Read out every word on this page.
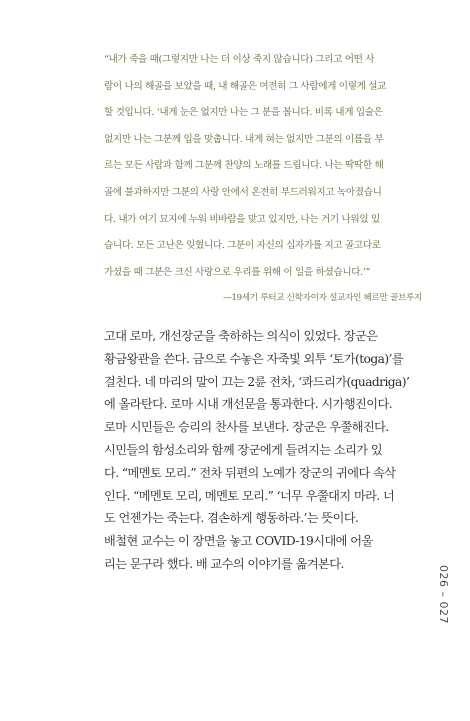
“내가 죽을 때(그렇지만 나는 더 이상 죽지 않습니다) 그리고 어떤 사
람이 나의 해골을 보았을 때, 내 해골은 여전히 그 사람에게 이렇게 설교
할 것입니다. ‘내게 눈은 없지만 나는 그 분을 봅니다. 비록 내게 입술은
없지만 나는 그분께 입을 맞춥니다. 내게 혀는 없지만 그분의 이름을 부
르는 모든 사람과 함께 그분께 찬양의 노래를 드립니다. 나는 딱딱한 해
골에 불과하지만 그분의 사랑 안에서 온전히 부드러워지고 녹아졌습니
다. 내가 여기 묘지에 누워 비바람을 맞고 있지만, 나는 거기 나워있 있
습니다. 모든 고난은 잊혔니다. 그분이 자신의 십자가를 지고 골고다로
가셨을 때 그분은 크신 사랑으로 우리를 위해 이 일을 하셨습니다.’”
—19세기 루터교 신학자이자 설교자인 헤르만 골브루지
고대 로마, 개선장군을 축하하는 의식이 있었다. 장군은
황금왕관을 쓴다. 금으로 수놓은 자죽빛 외투 ‘토가(toga)’를
걸친다. 네 마리의 말이 끄는 2륜 전차, ‘콰드리가(quadriga)’
에 올라탄다. 로마 시내 개선문을 통과한다. 시가행진이다.
로마 시민들은 승리의 찬사를 보낸다. 장군은 우쭐해진다.
시민들의 함성소리와 함께 장군에게 들려지는 소리가 있
다. “메멘토 모리.” 전차 뒤편의 노예가 장군의 귀에다 속삭
인다. “메멘토 모리, 메멘토 모리.” ‘너무 우쭐대지 마라. 너
도 언젠가는 죽는다. 겸손하게 행동하라.’는 뜻이다.
배철현 교수는 이 장면을 놓고 COVID-19시대에 어울
리는 문구라 했다. 배 교수의 이야기를 옮겨본다.
026 – 027
